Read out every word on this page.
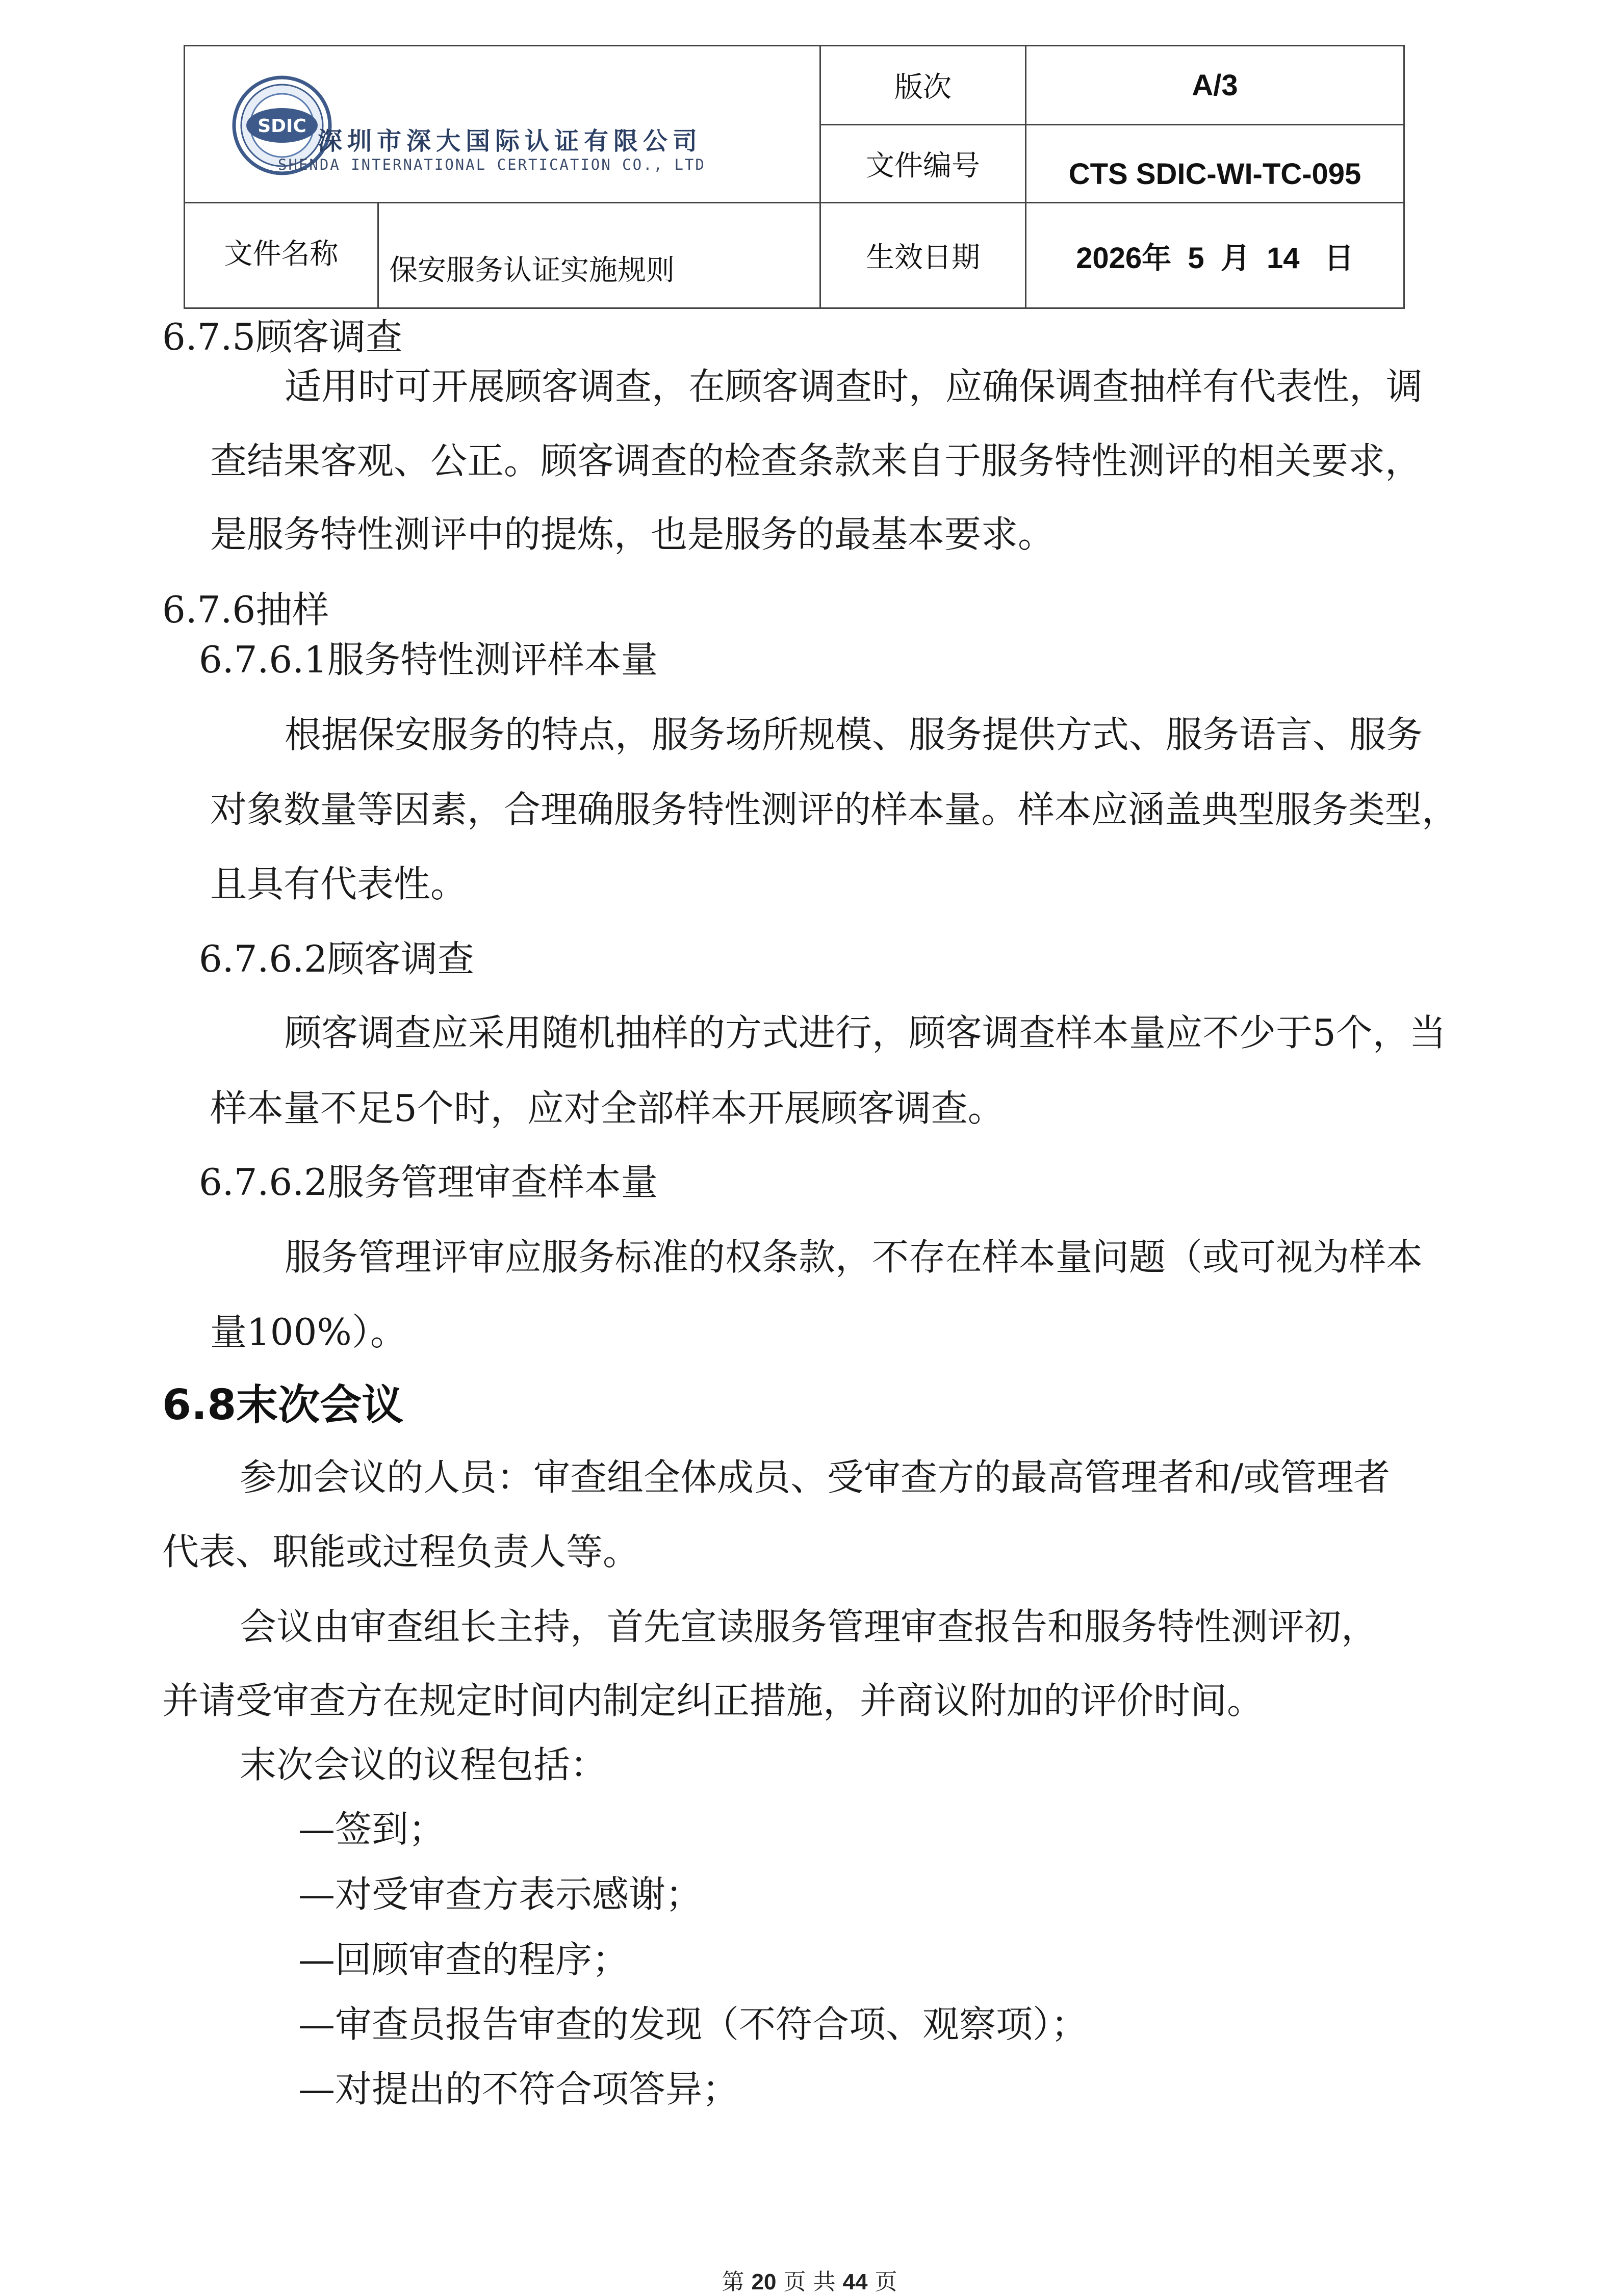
SDIC
深圳市深大国际认证有限公司
SHENDA INTERNATIONAL CERTICATION CO., LTD
版次	A/3
文件编号	CTS SDIC-WI-TC-095
文件名称	保安服务认证实施规则	生效日期	2026年  5  月  14   日
6.7.5顾客调查
适用时可开展顾客调查，在顾客调查时，应确保调查抽样有代表性，调
查结果客观、公正。顾客调查的检查条款来自于服务特性测评的相关要求，
是服务特性测评中的提炼，也是服务的最基本要求。
6.7.6抽样
6.7.6.1服务特性测评样本量
根据保安服务的特点，服务场所规模、服务提供方式、服务语言、服务
对象数量等因素，合理确服务特性测评的样本量。样本应涵盖典型服务类型，
且具有代表性。
6.7.6.2顾客调查
顾客调查应采用随机抽样的方式进行，顾客调查样本量应不少于5个，当
样本量不足5个时，应对全部样本开展顾客调查。
6.7.6.2服务管理审查样本量
服务管理评审应服务标准的权条款，不存在样本量问题（或可视为样本
量100%）。
6.8末次会议
参加会议的人员：审查组全体成员、受审查方的最高管理者和/或管理者
代表、职能或过程负责人等。
会议由审查组长主持，首先宣读服务管理审查报告和服务特性测评初，
并请受审查方在规定时间内制定纠正措施，并商议附加的评价时间。
末次会议的议程包括：
—签到；
—对受审查方表示感谢；
—回顾审查的程序；
—审查员报告审查的发现（不符合项、观察项）；
—对提出的不符合项答异；
第 20 页 共 44 页
